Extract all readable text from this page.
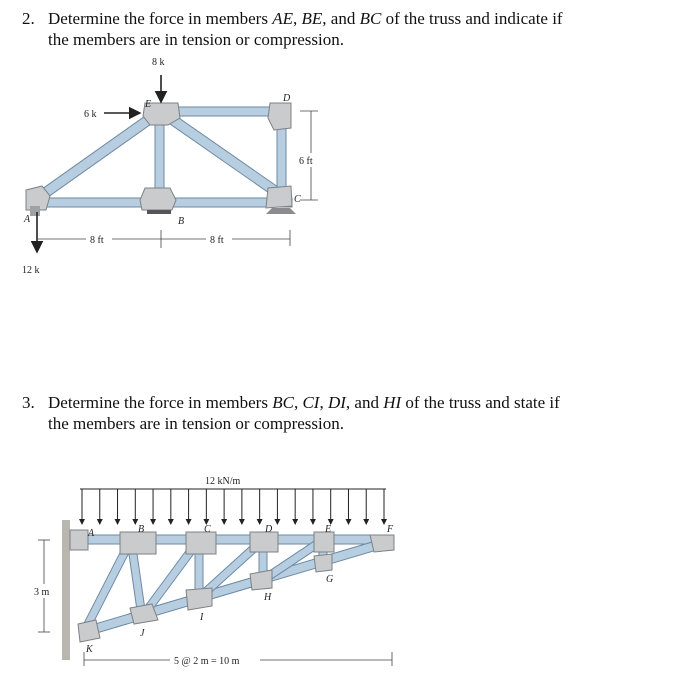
2. Determine the force in members AE, BE, and BC of the truss and indicate if
the members are in tension or compression.
3. Determine the force in members BC, CI, DI, and HI of the truss and state if
the members are in tension or compression.
8 k
6 k
12 k
A	B
C
D
E
8 ft	8 ft
6 ft
12 kN/m
A	B	C	D	E	F
G
H
I
J
K
3 m
5 @ 2 m = 10 m
